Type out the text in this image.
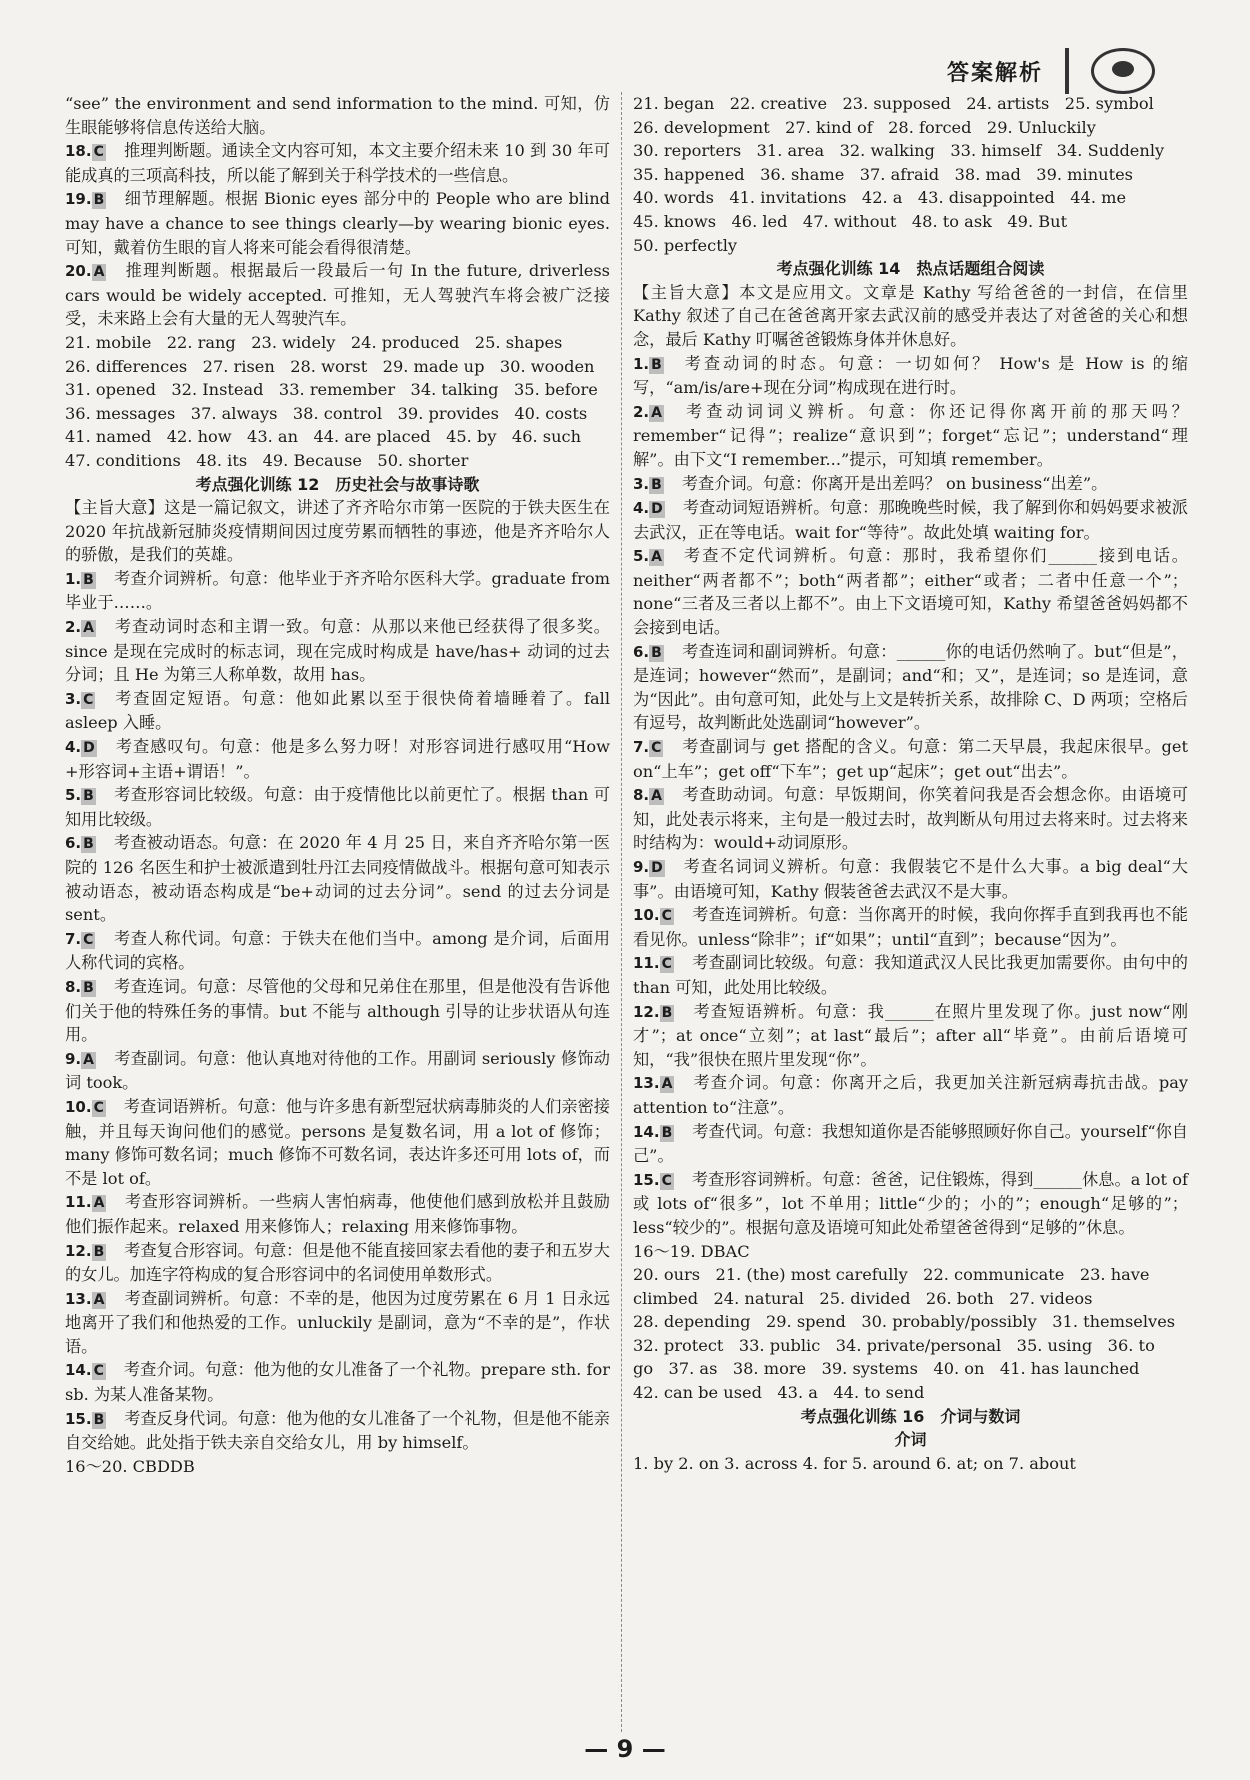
答案解析

“see” the environment and send information to the mind. 可知，仿生眼能够将信息传送给大脑。

18. C 推理判断题。通读全文内容可知，本文主要介绍未来 10 到 30 年可能成真的三项高科技，所以能了解到关于科学技术的一些信息。

19. B 细节理解题。根据 Bionic eyes 部分中的 People who are blind may have a chance to see things clearly—by wearing bionic eyes. 可知，戴着仿生眼的盲人将来可能会看得很清楚。

20. A 推理判断题。根据最后一段最后一句 In the future, driverless cars would be widely accepted. 可推知，无人驾驶汽车将会被广泛接受，未来路上会有大量的无人驾驶汽车。

21. mobile   22. rang   23. widely   24. produced   25. shapes

26. differences   27. risen   28. worst   29. made up   30. wooden

31. opened   32. Instead   33. remember   34. talking   35. before

36. messages   37. always   38. control   39. provides   40. costs

41. named   42. how   43. an   44. are placed   45. by   46. such

47. conditions   48. its   49. Because   50. shorter

考点强化训练 12　历史社会与故事诗歌

【主旨大意】这是一篇记叙文，讲述了齐齐哈尔市第一医院的于铁夫医生在 2020 年抗战新冠肺炎疫情期间因过度劳累而牺牲的事迹，他是齐齐哈尔人的骄傲，是我们的英雄。

1. B 考查介词辨析。句意：他毕业于齐齐哈尔医科大学。graduate from 毕业于……。

2. A 考查动词时态和主谓一致。句意：从那以来他已经获得了很多奖。since 是现在完成时的标志词，现在完成时构成是 have/has+ 动词的过去分词；且 He 为第三人称单数，故用 has。

3. C 考查固定短语。句意：他如此累以至于很快倚着墙睡着了。fall asleep 入睡。

4. D 考查感叹句。句意：他是多么努力呀！对形容词进行感叹用“How +形容词+主语+谓语！”。

5. B 考查形容词比较级。句意：由于疫情他比以前更忙了。根据 than 可知用比较级。

6. B 考查被动语态。句意：在 2020 年 4 月 25 日，来自齐齐哈尔第一医院的 126 名医生和护士被派遣到牡丹江去同疫情做战斗。根据句意可知表示被动语态，被动语态构成是“be+动词的过去分词”。send 的过去分词是 sent。

7. C 考查人称代词。句意：于铁夫在他们当中。among 是介词，后面用人称代词的宾格。

8. B 考查连词。句意：尽管他的父母和兄弟住在那里，但是他没有告诉他们关于他的特殊任务的事情。but 不能与 although 引导的让步状语从句连用。

9. A 考查副词。句意：他认真地对待他的工作。用副词 seriously 修饰动词 took。

10. C 考查词语辨析。句意：他与许多患有新型冠状病毒肺炎的人们亲密接触，并且每天询问他们的感觉。persons 是复数名词，用 a lot of 修饰；many 修饰可数名词；much 修饰不可数名词，表达许多还可用 lots of，而不是 lot of。

11. A 考查形容词辨析。一些病人害怕病毒，他使他们感到放松并且鼓励他们振作起来。relaxed 用来修饰人；relaxing 用来修饰事物。

12. B 考查复合形容词。句意：但是他不能直接回家去看他的妻子和五岁大的女儿。加连字符构成的复合形容词中的名词使用单数形式。

13. A 考查副词辨析。句意：不幸的是，他因为过度劳累在 6 月 1 日永远地离开了我们和他热爱的工作。unluckily 是副词，意为“不幸的是”，作状语。

14. C 考查介词。句意：他为他的女儿准备了一个礼物。prepare sth. for sb. 为某人准备某物。

15. B 考查反身代词。句意：他为他的女儿准备了一个礼物，但是他不能亲自交给她。此处指于铁夫亲自交给女儿，用 by himself。

16～20. CBDDB

21. began   22. creative   23. supposed   24. artists   25. symbol

26. development   27. kind of   28. forced   29. Unluckily

30. reporters   31. area   32. walking   33. himself   34. Suddenly

35. happened   36. shame   37. afraid   38. mad   39. minutes

40. words   41. invitations   42. a   43. disappointed   44. me

45. knows   46. led   47. without   48. to ask   49. But

50. perfectly

考点强化训练 14　热点话题组合阅读

【主旨大意】本文是应用文。文章是 Kathy 写给爸爸的一封信，在信里 Kathy 叙述了自己在爸爸离开家去武汉前的感受并表达了对爸爸的关心和想念，最后 Kathy 叮嘱爸爸锻炼身体并休息好。

1. B 考查动词的时态。句意：一切如何？ How's 是 How is 的缩写，“am/is/are+现在分词”构成现在进行时。

2. A 考查动词词义辨析。句意：你还记得你离开前的那天吗？ remember“记得”；realize“意识到”；forget“忘记”；understand“理解”。由下文“I remember...”提示，可知填 remember。

3. B 考查介词。句意：你离开是出差吗？ on business“出差”。

4. D 考查动词短语辨析。句意：那晚晚些时候，我了解到你和妈妈要求被派去武汉，正在等电话。wait for“等待”。故此处填 waiting for。

5. A 考查不定代词辨析。句意：那时，我希望你们______接到电话。neither“两者都不”；both“两者都”；either“或者；二者中任意一个”；none“三者及三者以上都不”。由上下文语境可知，Kathy 希望爸爸妈妈都不会接到电话。

6. B 考查连词和副词辨析。句意：______你的电话仍然响了。but“但是”，是连词；however“然而”，是副词；and“和；又”，是连词；so 是连词，意为“因此”。由句意可知，此处与上文是转折关系，故排除 C、D 两项；空格后有逗号，故判断此处选副词“however”。

7. C 考查副词与 get 搭配的含义。句意：第二天早晨，我起床很早。get on“上车”；get off“下车”；get up“起床”；get out“出去”。

8. A 考查助动词。句意：早饭期间，你笑着问我是否会想念你。由语境可知，此处表示将来，主句是一般过去时，故判断从句用过去将来时。过去将来时结构为：would+动词原形。

9. D 考查名词词义辨析。句意：我假装它不是什么大事。a big deal“大事”。由语境可知，Kathy 假装爸爸去武汉不是大事。

10. C 考查连词辨析。句意：当你离开的时候，我向你挥手直到我再也不能看见你。unless“除非”；if“如果”；until“直到”；because“因为”。

11. C 考查副词比较级。句意：我知道武汉人民比我更加需要你。由句中的 than 可知，此处用比较级。

12. B 考查短语辨析。句意：我______在照片里发现了你。just now“刚才”；at once“立刻”；at last“最后”；after all“毕竟”。由前后语境可知，“我”很快在照片里发现“你”。

13. A 考查介词。句意：你离开之后，我更加关注新冠病毒抗击战。pay attention to“注意”。

14. B 考查代词。句意：我想知道你是否能够照顾好你自己。yourself“你自己”。

15. C 考查形容词辨析。句意：爸爸，记住锻炼，得到______休息。a lot of 或 lots of“很多”，lot 不单用；little“少的；小的”；enough“足够的”；less“较少的”。根据句意及语境可知此处希望爸爸得到“足够的”休息。

16～19. DBAC

20. ours   21. (the) most carefully   22. communicate   23. have

climbed   24. natural   25. divided   26. both   27. videos

28. depending   29. spend   30. probably/possibly   31. themselves

32. protect   33. public   34. private/personal   35. using   36. to

go   37. as   38. more   39. systems   40. on   41. has launched

42. can be used   43. a   44. to send

考点强化训练 16　介词与数词

介词

1. by 2. on 3. across 4. for 5. around 6. at; on 7. about

— 9 —
